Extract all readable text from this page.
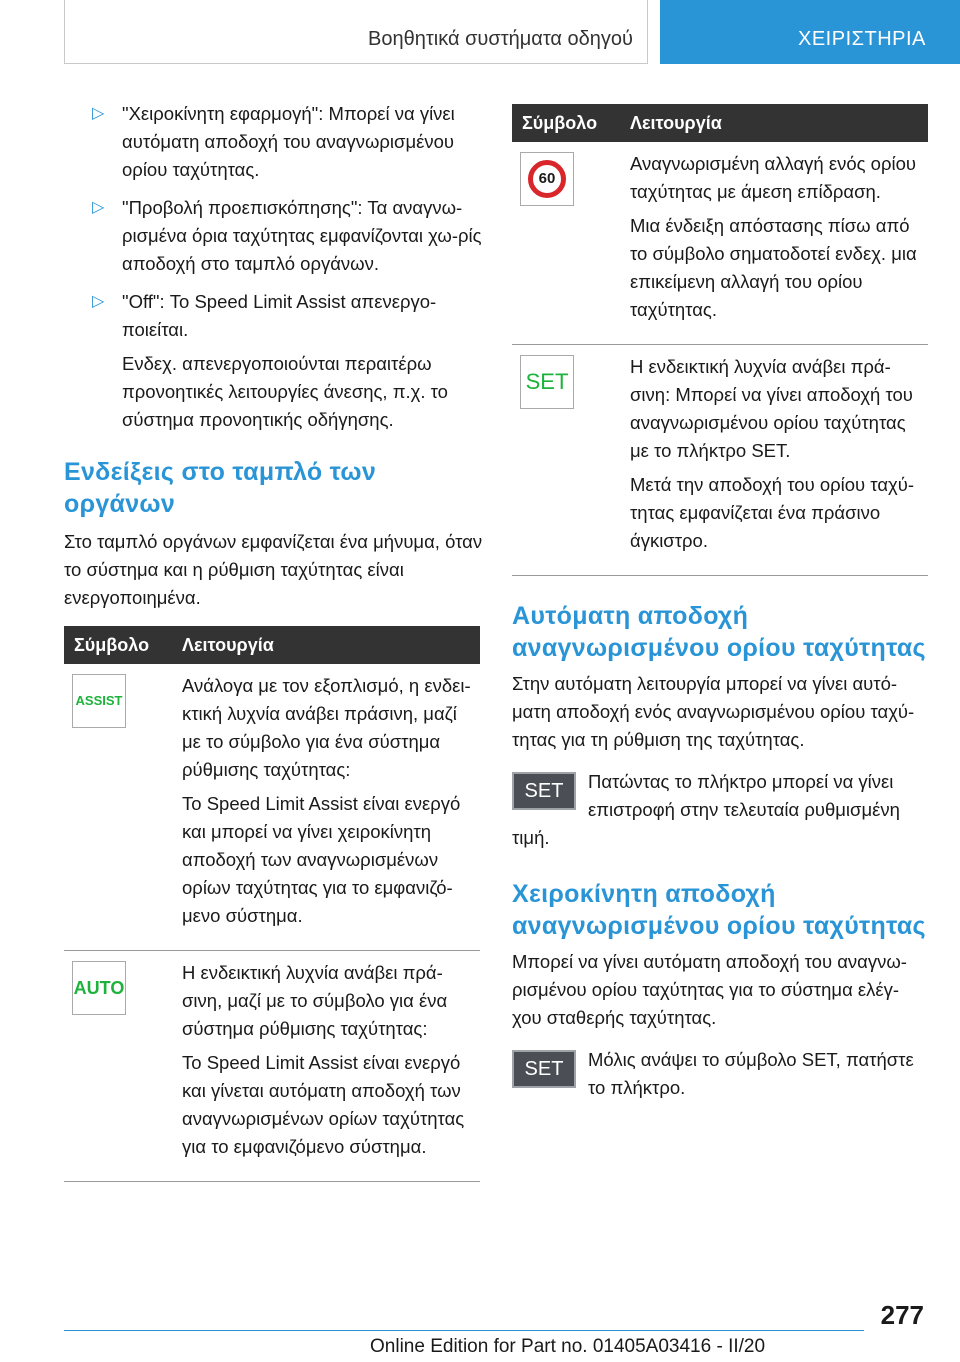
Βοηθητικά συστήματα οδηγού	ΧΕΙΡΙΣΤΗΡΙΑ
▷ "Χειροκίνητη εφαρμογή": Μπορεί να γίνει αυτόματη αποδοχή του αναγνωρισμένου ορίου ταχύτητας.
▷ "Προβολή προεπισκόπησης": Τα αναγνω-ρισμένα όρια ταχύτητας εμφανίζονται χω-ρίς αποδοχή στο ταμπλό οργάνων.
▷ "Off": Το Speed Limit Assist απενεργο-ποιείται.
Ενδεχ. απενεργοποιούνται περαιτέρω προνοητικές λειτουργίες άνεσης, π.χ. το σύστημα προνοητικής οδήγησης.
Ενδείξεις στο ταμπλό των οργάνων
Στο ταμπλό οργάνων εμφανίζεται ένα μήνυμα, όταν το σύστημα και η ρύθμιση ταχύτητας είναι ενεργοποιημένα.
Σύμβολο	Λειτουργία

ASSIST	Ανάλογα με τον εξοπλισμό, η ενδει-κτική λυχνία ανάβει πράσινη, μαζί με το σύμβολο για ένα σύστημα ρύθμισης ταχύτητας:

Το Speed Limit Assist είναι ενεργό και μπορεί να γίνει χειροκίνητη αποδοχή των αναγνωρισμένων ορίων ταχύτητας για το εμφανιζό-μενο σύστημα.

AUTO	Η ενδεικτική λυχνία ανάβει πρά-σινη, μαζί με το σύμβολο για ένα σύστημα ρύθμισης ταχύτητας:

Το Speed Limit Assist είναι ενεργό και γίνεται αυτόματη αποδοχή των αναγνωρισμένων ορίων ταχύτητας για το εμφανιζόμενο σύστημα.

Σύμβολο	Λειτουργία

60	Αναγνωρισμένη αλλαγή ενός ορίου ταχύτητας με άμεση επίδραση.

Μια ένδειξη απόστασης πίσω από το σύμβολο σηματοδοτεί ενδεχ. μια επικείμενη αλλαγή του ορίου ταχύτητας.

SET	Η ενδεικτική λυχνία ανάβει πρά-σινη: Μπορεί να γίνει αποδοχή του αναγνωρισμένου ορίου ταχύτητας με το πλήκτρο SET.

Μετά την αποδοχή του ορίου ταχύ-τητας εμφανίζεται ένα πράσινο άγκιστρο.

Αυτόματη αποδοχή αναγνωρισμένου ορίου ταχύτητας
Στην αυτόματη λειτουργία μπορεί να γίνει αυτό-ματη αποδοχή ενός αναγνωρισμένου ορίου ταχύ-τητας για τη ρύθμιση της ταχύτητας.
SET	Πατώντας το πλήκτρο μπορεί να γίνει επιστροφή στην τελευταία ρυθμισμένη τιμή.
Χειροκίνητη αποδοχή αναγνωρισμένου ορίου ταχύτητας
Μπορεί να γίνει αυτόματη αποδοχή του αναγνω-ρισμένου ορίου ταχύτητας για το σύστημα ελέγ-χου σταθερής ταχύτητας.
SET	Μόλις ανάψει το σύμβολο SET, πατήστε το πλήκτρο.
277
Online Edition for Part no. 01405A03416 - II/20
